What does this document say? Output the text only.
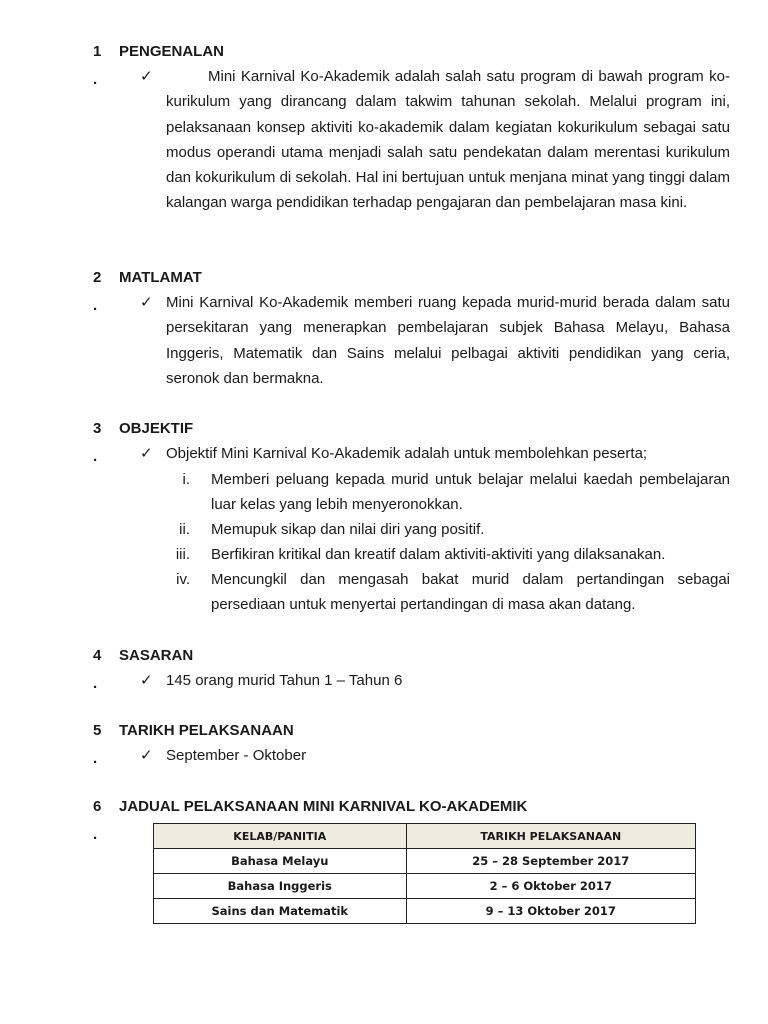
1 PENGENALAN
.	✓	Mini Karnival Ko-Akademik adalah salah satu program di bawah program ko-kurikulum yang dirancang dalam takwim tahunan sekolah. Melalui program ini, pelaksanaan konsep aktiviti ko-akademik dalam kegiatan kokurikulum sebagai satu modus operandi utama menjadi salah satu pendekatan dalam merentasi kurikulum dan kokurikulum di sekolah. Hal ini bertujuan untuk menjana minat yang tinggi dalam kalangan warga pendidikan terhadap pengajaran dan pembelajaran masa kini.
2 MATLAMAT
.	✓ Mini Karnival Ko-Akademik memberi ruang kepada murid-murid berada dalam satu persekitaran yang menerapkan pembelajaran subjek Bahasa Melayu, Bahasa Inggeris, Matematik dan Sains melalui pelbagai aktiviti pendidikan yang ceria, seronok dan bermakna.
3 OBJEKTIF
.	✓ Objektif Mini Karnival Ko-Akademik adalah untuk membolehkan peserta;
i. Memberi peluang kepada murid untuk belajar melalui kaedah pembelajaran luar kelas yang lebih menyeronokkan.
ii. Memupuk sikap dan nilai diri yang positif.
iii. Berfikiran kritikal dan kreatif dalam aktiviti-aktiviti yang dilaksanakan.
iv. Mencungkil dan mengasah bakat murid dalam pertandingan sebagai persediaan untuk menyertai pertandingan di masa akan datang.
4 SASARAN
.	✓ 145 orang murid Tahun 1 – Tahun 6
5 TARIKH PELAKSANAAN
.	✓ September - Oktober
6 JADUAL PELAKSANAAN MINI KARNIVAL KO-AKADEMIK
.	KELAB/PANITIA	TARIKH PELAKSANAAN
Bahasa Melayu	25 – 28 September 2017
Bahasa Inggeris	2 – 6 Oktober 2017
Sains dan Matematik	9 – 13 Oktober 2017
